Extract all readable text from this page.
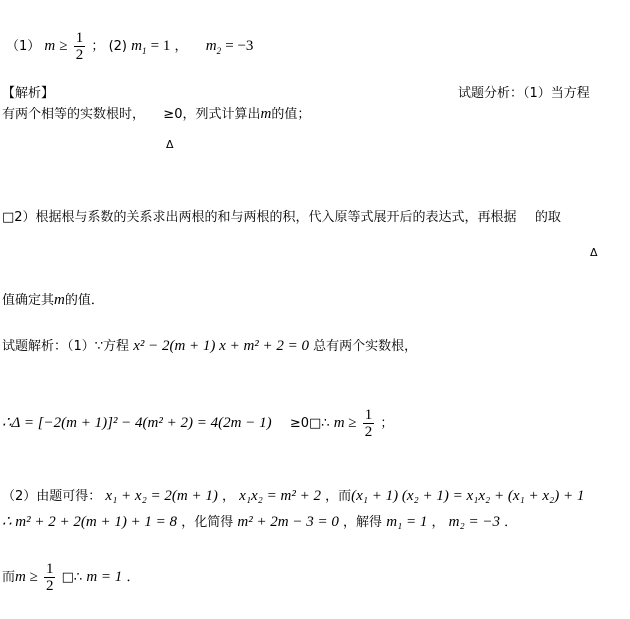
（1） $m \ge \frac{1}{2}$ ； (2) $m_1 = 1$ ， $m_2 = -3$
【解析】	试题分析：（1）当方程
有两个相等的实数根时， ≥0，列式计算出m的值；
Δ
□2）根据根与系数的关系求出两根的和与两根的积，代入原等式展开后的表达式，再根据 的取
Δ
值确定其m的值．
试题解析：（1）∵方程 x² − 2(m + 1) x + m² + 2 = 0 总有两个实数根，
∴Δ = [−2(m + 1)]² − 4(m² + 2) = 4(2m − 1) ≥0□∴ $m \ge \frac{1}{2}$ ；
（2）由题可得： x₁ + x₂ = 2(m + 1) ， x₁x₂ = m² + 2 ，而(x₁ + 1) (x₂ + 1) = x₁x₂ + (x₁ + x₂) + 1
∴ m² + 2 + 2(m + 1) + 1 = 8 ，化简得 m² + 2m − 3 = 0 ，解得 m₁ = 1 ， m₂ = −3 ．
而$m \ge \frac{1}{2}$ □∴ m = 1 ．
